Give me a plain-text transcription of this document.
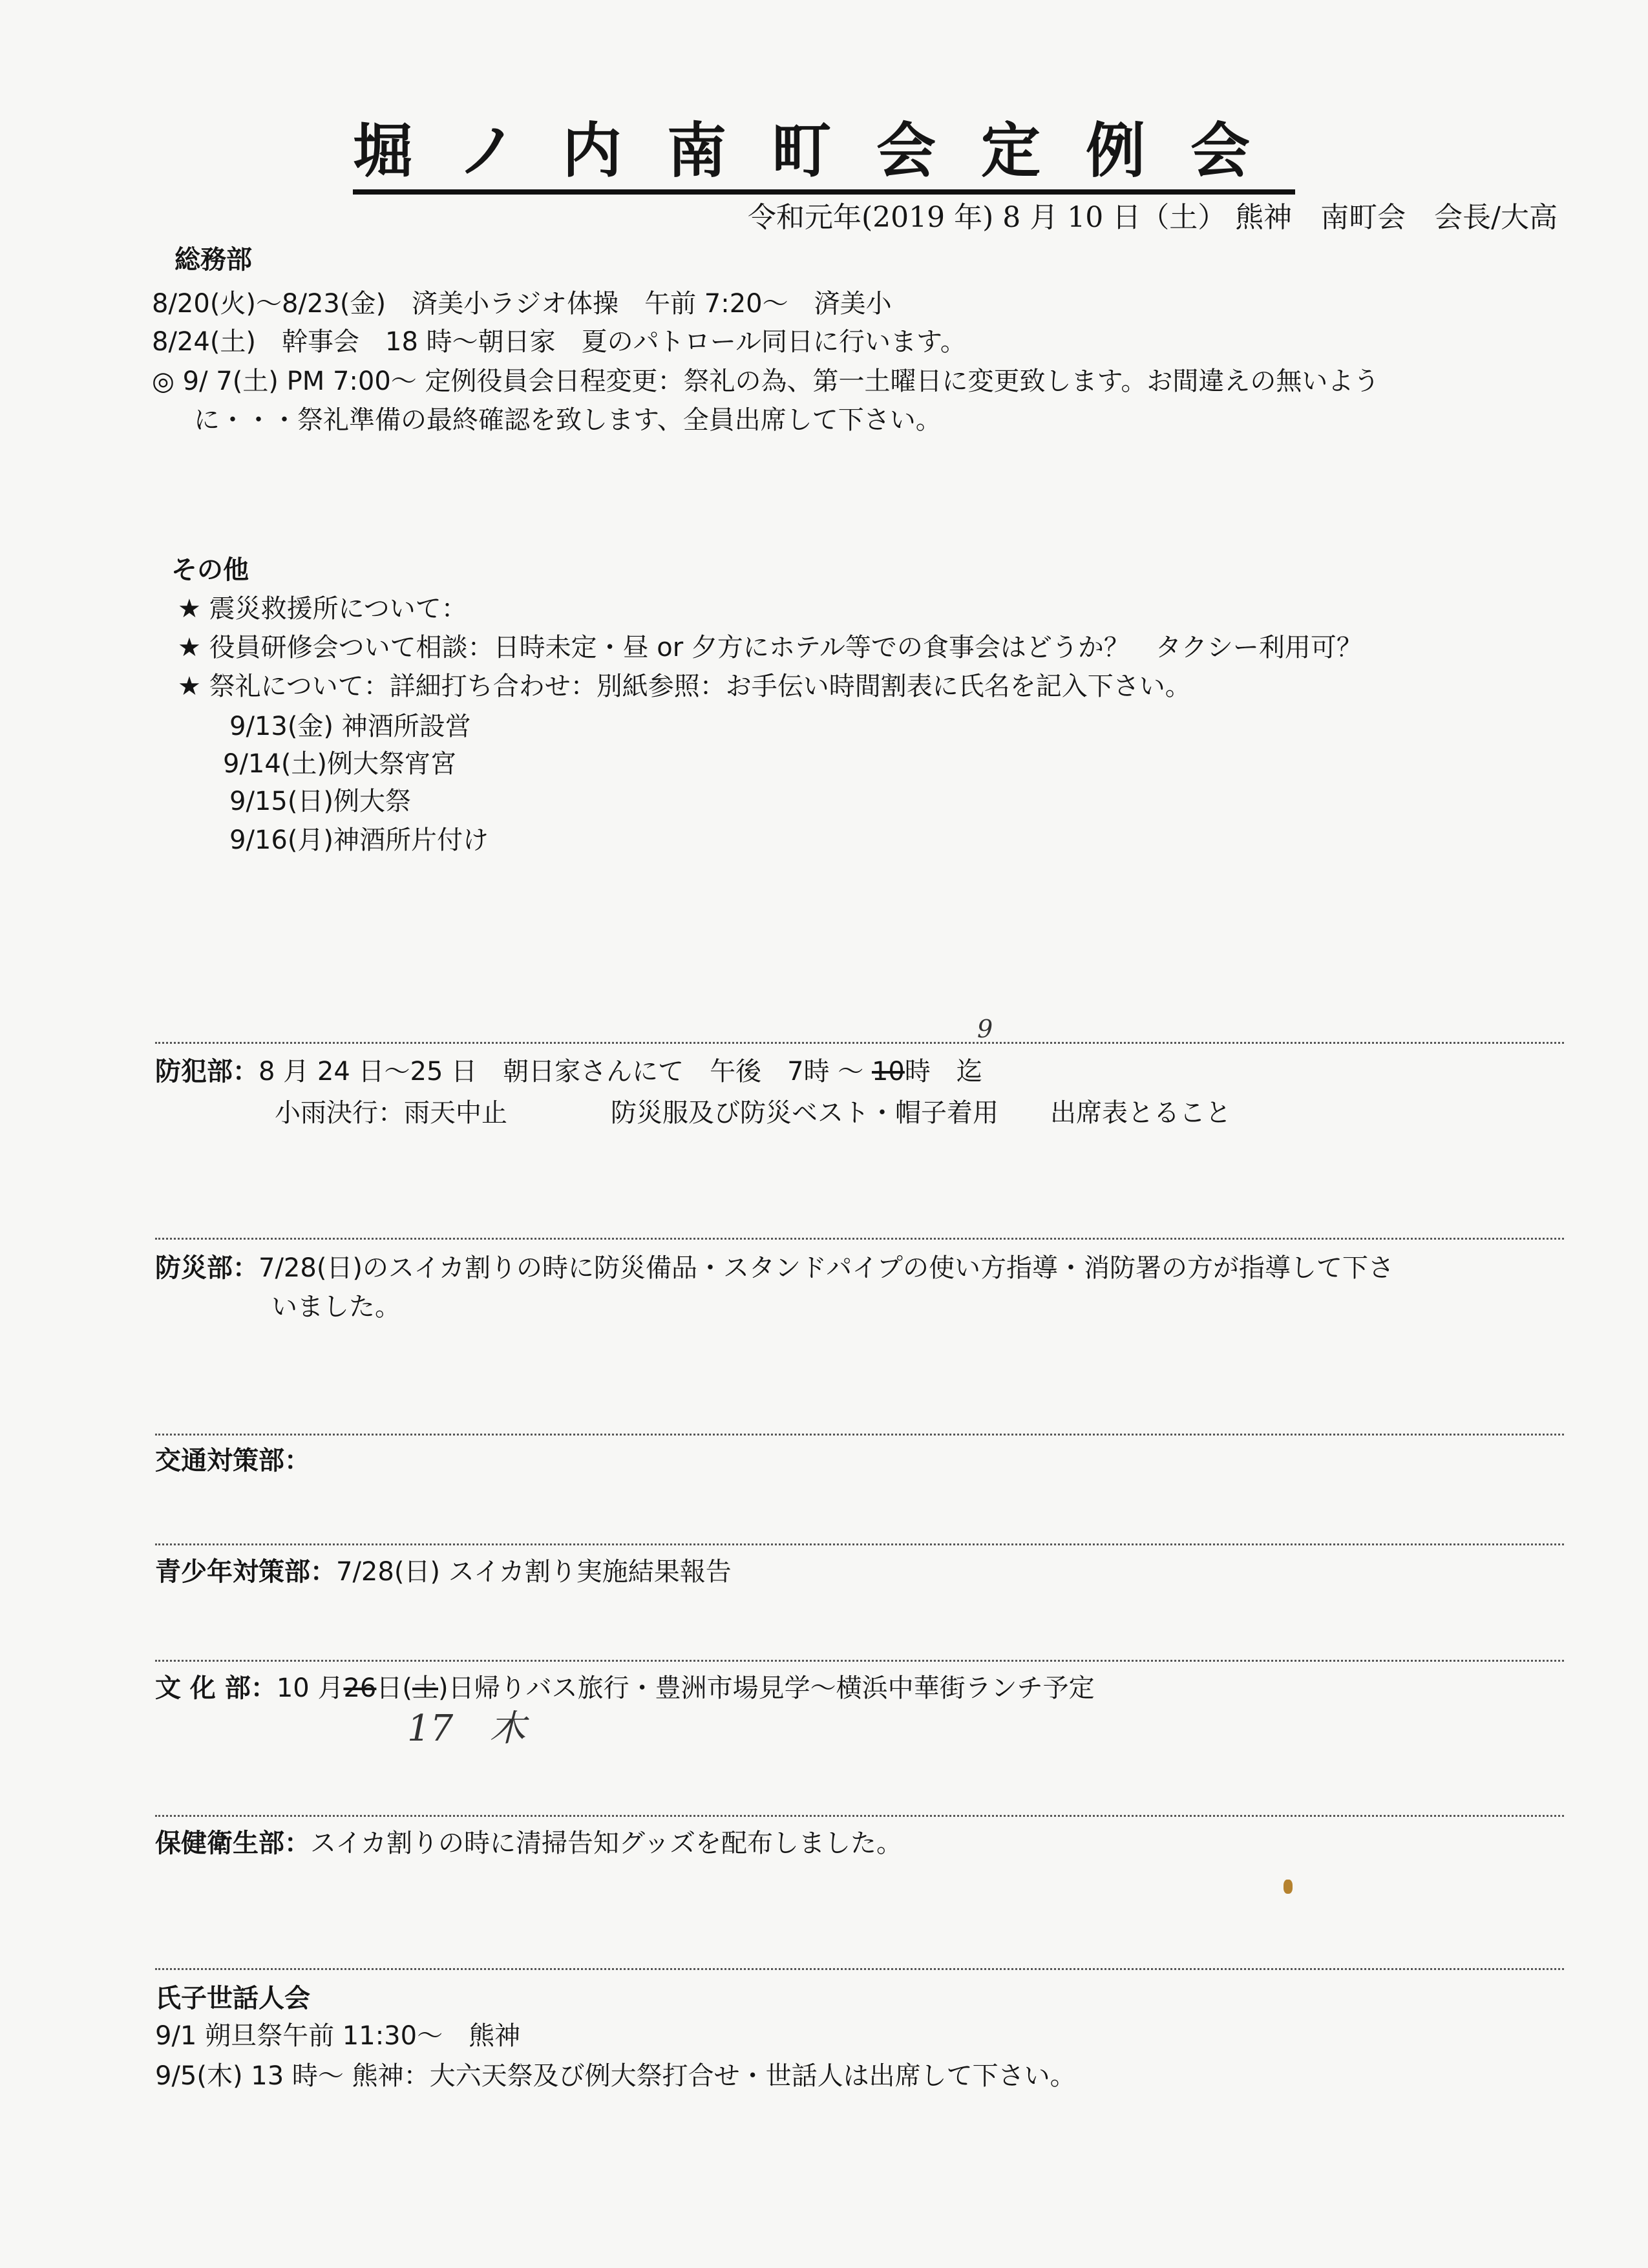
堀ノ内南町会定例会
令和元年(2019 年) 8 月 10 日（土） 熊神　南町会　会長/大高
総務部
8/20(火)〜8/23(金)　済美小ラジオ体操　午前 7:20〜　済美小
8/24(土)　幹事会　18 時〜朝日家　夏のパトロール同日に行います。
◎ 9/ 7(土) PM 7:00〜 定例役員会日程変更：祭礼の為、第一土曜日に変更致します。お間違えの無いよう
に・・・祭礼準備の最終確認を致します、全員出席して下さい。
その他
★ 震災救援所について：
★ 役員研修会ついて相談：日時未定・昼 or 夕方にホテル等での食事会はどうか？　タクシー利用可？
★ 祭礼について：詳細打ち合わせ：別紙参照：お手伝い時間割表に氏名を記入下さい。
9/13(金) 神酒所設営
9/14(土)例大祭宵宮
9/15(日)例大祭
9/16(月)神酒所片付け
9
防犯部：8 月 24 日〜25 日　朝日家さんにて　午後　7時 〜 10時　迄
小雨決行：雨天中止　　　　防災服及び防災ベスト・帽子着用　　出席表とること
防災部：7/28(日)のスイカ割りの時に防災備品・スタンドパイプの使い方指導・消防署の方が指導して下さ
いました。
交通対策部：
青少年対策部：7/28(日) スイカ割り実施結果報告
文 化 部：10 月26日(土)日帰りバス旅行・豊洲市場見学〜横浜中華街ランチ予定
17　木
保健衛生部：スイカ割りの時に清掃告知グッズを配布しました。
氏子世話人会
9/1 朔旦祭午前 11:30〜　熊神
9/5(木) 13 時〜 熊神：大六天祭及び例大祭打合せ・世話人は出席して下さい。
